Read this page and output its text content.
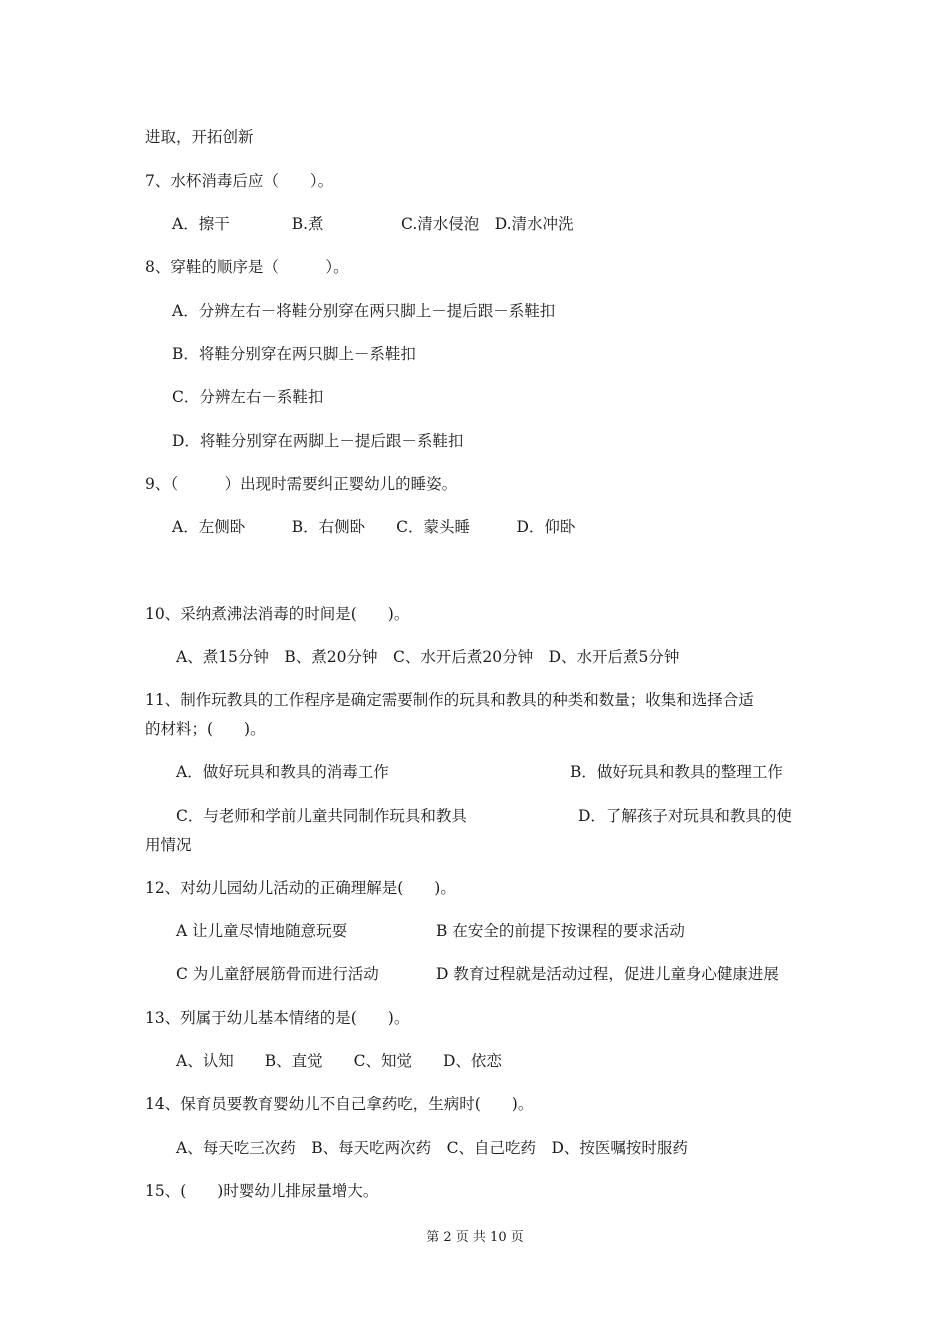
进取，开拓创新
7、水杯消毒后应（　　）。
A．擦干　　　　B.煮　　　　　C.清水侵泡　D.清水冲洗
8、穿鞋的顺序是（　　　）。
A．分辨左右－将鞋分别穿在两只脚上－提后跟－系鞋扣
B．将鞋分别穿在两只脚上－系鞋扣
C．分辨左右－系鞋扣
D．将鞋分别穿在两脚上－提后跟－系鞋扣
9、（　　　）出现时需要纠正婴幼儿的睡姿。
A．左侧卧　　　B．右侧卧　　C．蒙头睡　　　D．仰卧
10、采纳煮沸法消毒的时间是(　　)。
A、煮15分钟　B、煮20分钟　C、水开后煮20分钟　D、水开后煮5分钟
11、制作玩教具的工作程序是确定需要制作的玩具和教具的种类和数量；收集和选择合适
的材料；(　　)。
A．做好玩具和教具的消毒工作	B．做好玩具和教具的整理工作
C．与老师和学前儿童共同制作玩具和教具	D．了解孩子对玩具和教具的使
用情况
12、对幼儿园幼儿活动的正确理解是(　　)。
A 让儿童尽情地随意玩耍	B 在安全的前提下按课程的要求活动
C 为儿童舒展筋骨而进行活动	D 教育过程就是活动过程，促进儿童身心健康进展
13、列属于幼儿基本情绪的是(　　)。
A、认知　　B、直觉　　C、知觉　　D、依恋
14、保育员要教育婴幼儿不自己拿药吃，生病时(　　)。
A、每天吃三次药　B、每天吃两次药　C、自己吃药　D、按医嘱按时服药
15、(　　)时婴幼儿排尿量增大。
第 2 页 共 10 页
